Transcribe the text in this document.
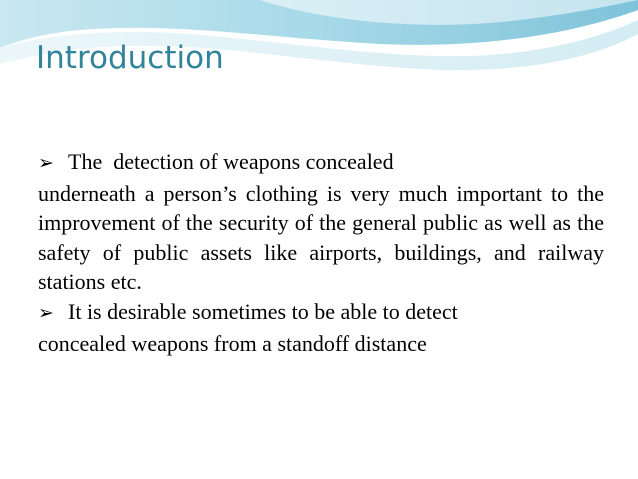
Introduction

➢ The  detection of weapons concealed
underneath a person’s clothing is very much important to the improvement of the security of the general public as well as the safety of public assets like airports, buildings, and railway stations etc.

➢ It is desirable sometimes to be able to detect
concealed weapons from a standoff distance
